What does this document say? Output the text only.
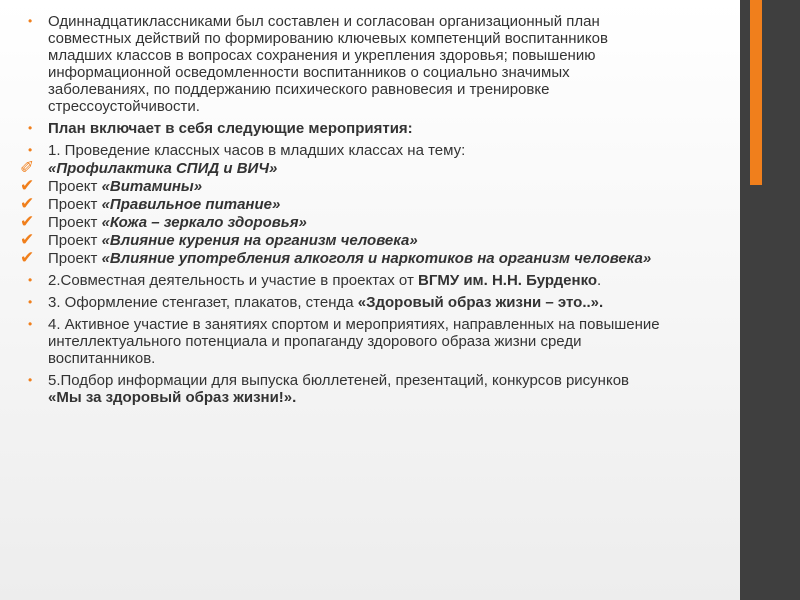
• Одиннадцатиклассниками был составлен и согласован организационный план совместных действий по формированию ключевых компетенций воспитанников младших классов в вопросах сохранения и укрепления здоровья; повышению информационной осведомленности воспитанников о социально значимых заболеваниях, по поддержанию психического равновесия и тренировке стрессоустойчивости.
• План включает в себя следующие мероприятия:
• 1. Проведение классных часов в младших классах на тему:
✐ «Профилактика СПИД и ВИЧ»
✔ Проект «Витамины»
✔ Проект «Правильное питание»
✔ Проект «Кожа – зеркало здоровья»
✔ Проект «Влияние курения на организм человека»
✔ Проект «Влияние употребления алкоголя и наркотиков на организм человека»
• 2.Совместная деятельность и участие в проектах от ВГМУ им. Н.Н. Бурденко.
• 3. Оформление стенгазет, плакатов, стенда «Здоровый образ жизни – это..».
• 4. Активное участие в занятиях спортом и мероприятиях, направленных на повышение интеллектуального потенциала и пропаганду здорового образа жизни среди воспитанников.
• 5.Подбор информации для выпуска бюллетеней, презентаций, конкурсов рисунков «Мы за здоровый образ жизни!».
